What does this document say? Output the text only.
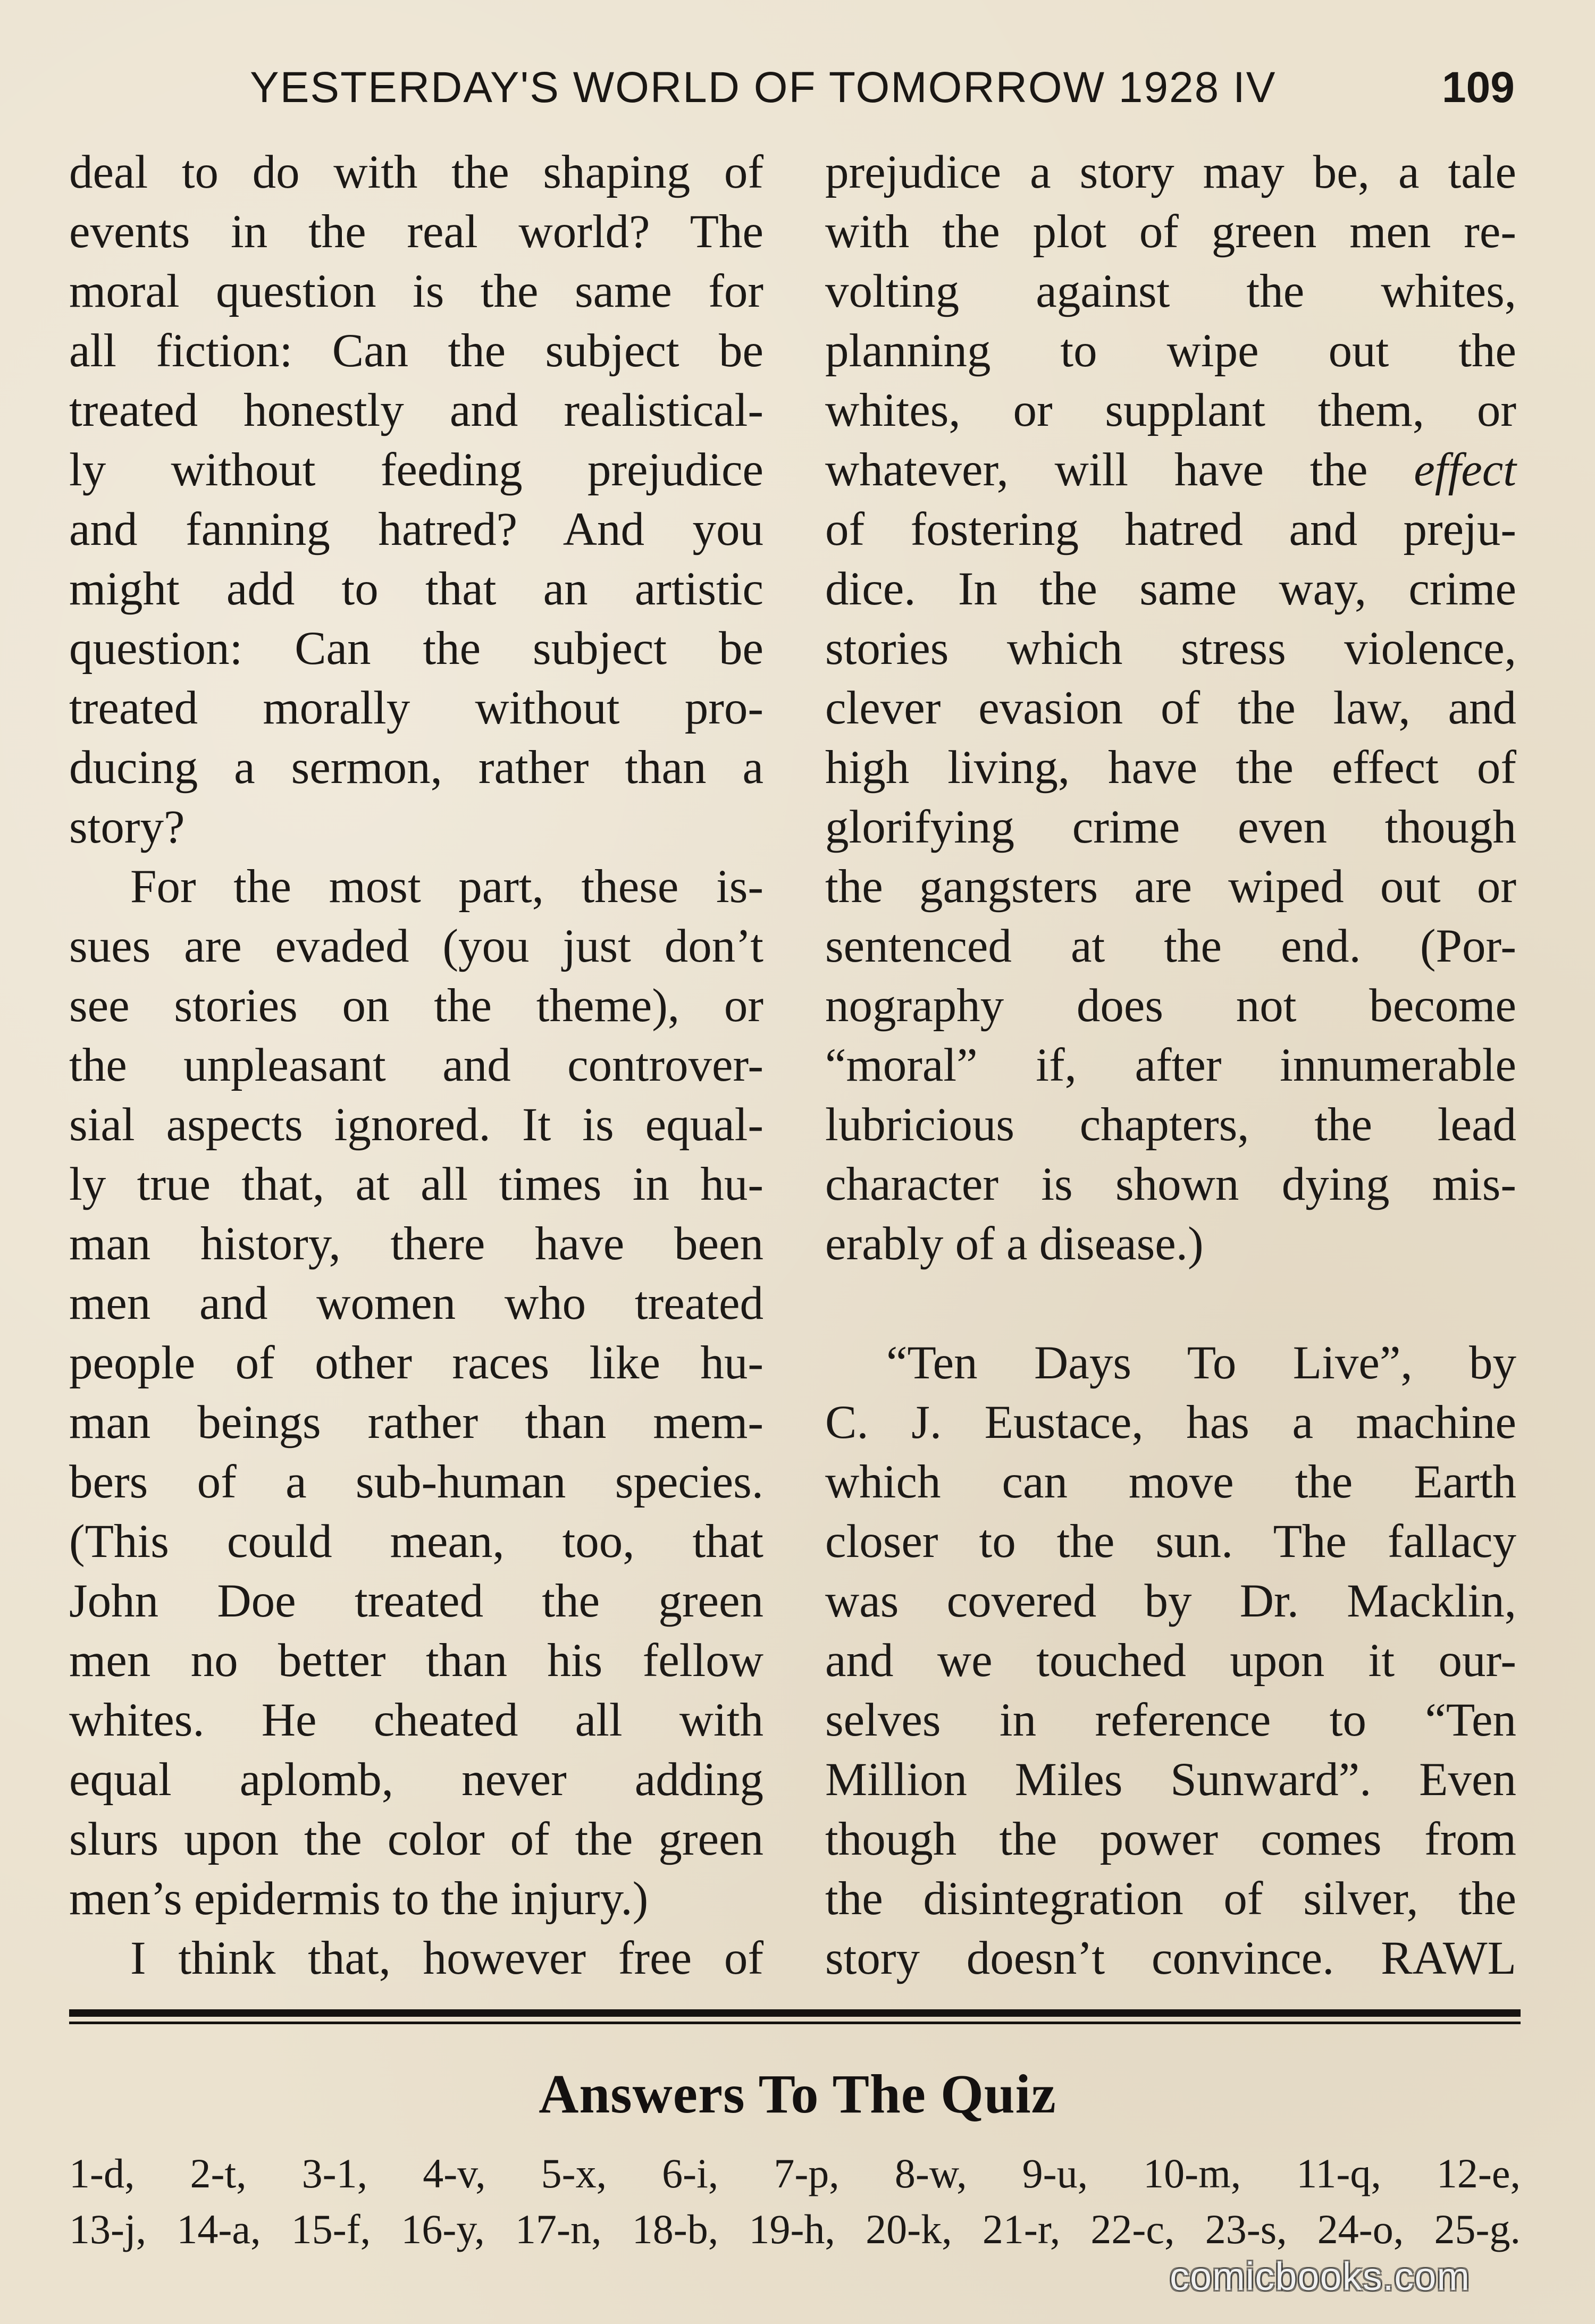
YESTERDAY'S WORLD OF TOMORROW 1928 IV	109
deal to do with the shaping of
events in the real world? The
moral question is the same for
all fiction: Can the subject be
treated honestly and realistical-
ly without feeding prejudice
and fanning hatred? And you
might add to that an artistic
question: Can the subject be
treated morally without pro-
ducing a sermon, rather than a
story?
For the most part, these is-
sues are evaded (you just don’t
see stories on the theme), or
the unpleasant and controver-
sial aspects ignored. It is equal-
ly true that, at all times in hu-
man history, there have been
men and women who treated
people of other races like hu-
man beings rather than mem-
bers of a sub-human species.
(This could mean, too, that
John Doe treated the green
men no better than his fellow
whites. He cheated all with
equal aplomb, never adding
slurs upon the color of the green
men’s epidermis to the injury.)
I think that, however free of
prejudice a story may be, a tale
with the plot of green men re-
volting against the whites,
planning to wipe out the
whites, or supplant them, or
whatever, will have the effect
of fostering hatred and preju-
dice. In the same way, crime
stories which stress violence,
clever evasion of the law, and
high living, have the effect of
glorifying crime even though
the gangsters are wiped out or
sentenced at the end. (Por-
nography does not become
“moral” if, after innumerable
lubricious chapters, the lead
character is shown dying mis-
erably of a disease.)
“Ten Days To Live”, by
C. J. Eustace, has a machine
which can move the Earth
closer to the sun. The fallacy
was covered by Dr. Macklin,
and we touched upon it our-
selves in reference to “Ten
Million Miles Sunward”. Even
though the power comes from
the disintegration of silver, the
story doesn’t convince. RAWL
Answers To The Quiz
1-d, 2-t, 3-1, 4-v, 5-x, 6-i, 7-p, 8-w, 9-u, 10-m, 11-q, 12-e,
13-j, 14-a, 15-f, 16-y, 17-n, 18-b, 19-h, 20-k, 21-r, 22-c, 23-s, 24-o, 25-g.
comicbooks.com
